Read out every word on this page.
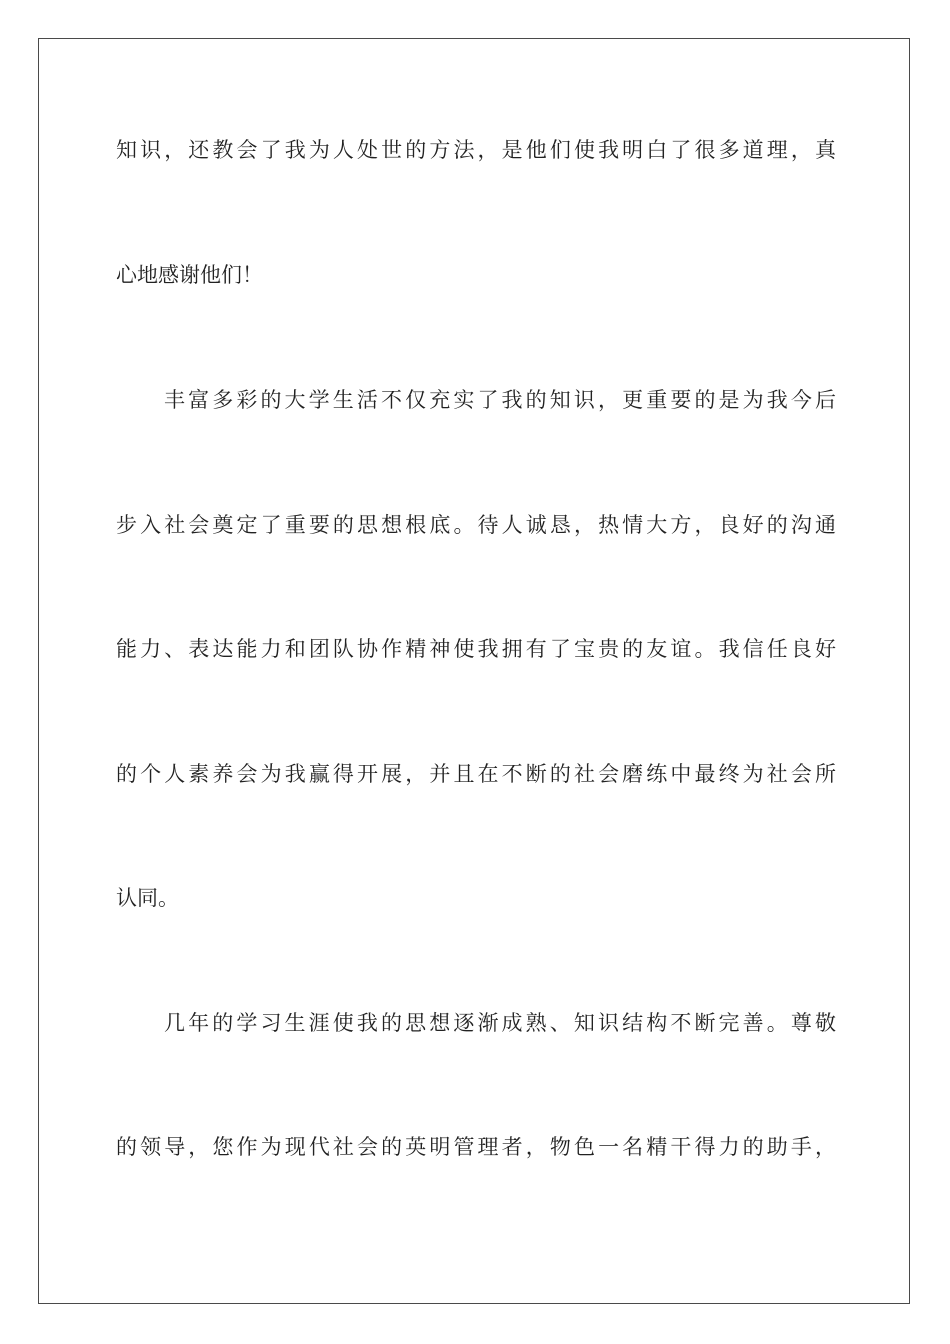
知识，还教会了我为人处世的方法，是他们使我明白了很多道理，真
心地感谢他们！
丰富多彩的大学生活不仅充实了我的知识，更重要的是为我今后
步入社会奠定了重要的思想根底。待人诚恳，热情大方，良好的沟通
能力、表达能力和团队协作精神使我拥有了宝贵的友谊。我信任良好
的个人素养会为我赢得开展，并且在不断的社会磨练中最终为社会所
认同。
几年的学习生涯使我的思想逐渐成熟、知识结构不断完善。尊敬
的领导，您作为现代社会的英明管理者，物色一名精干得力的助手，
